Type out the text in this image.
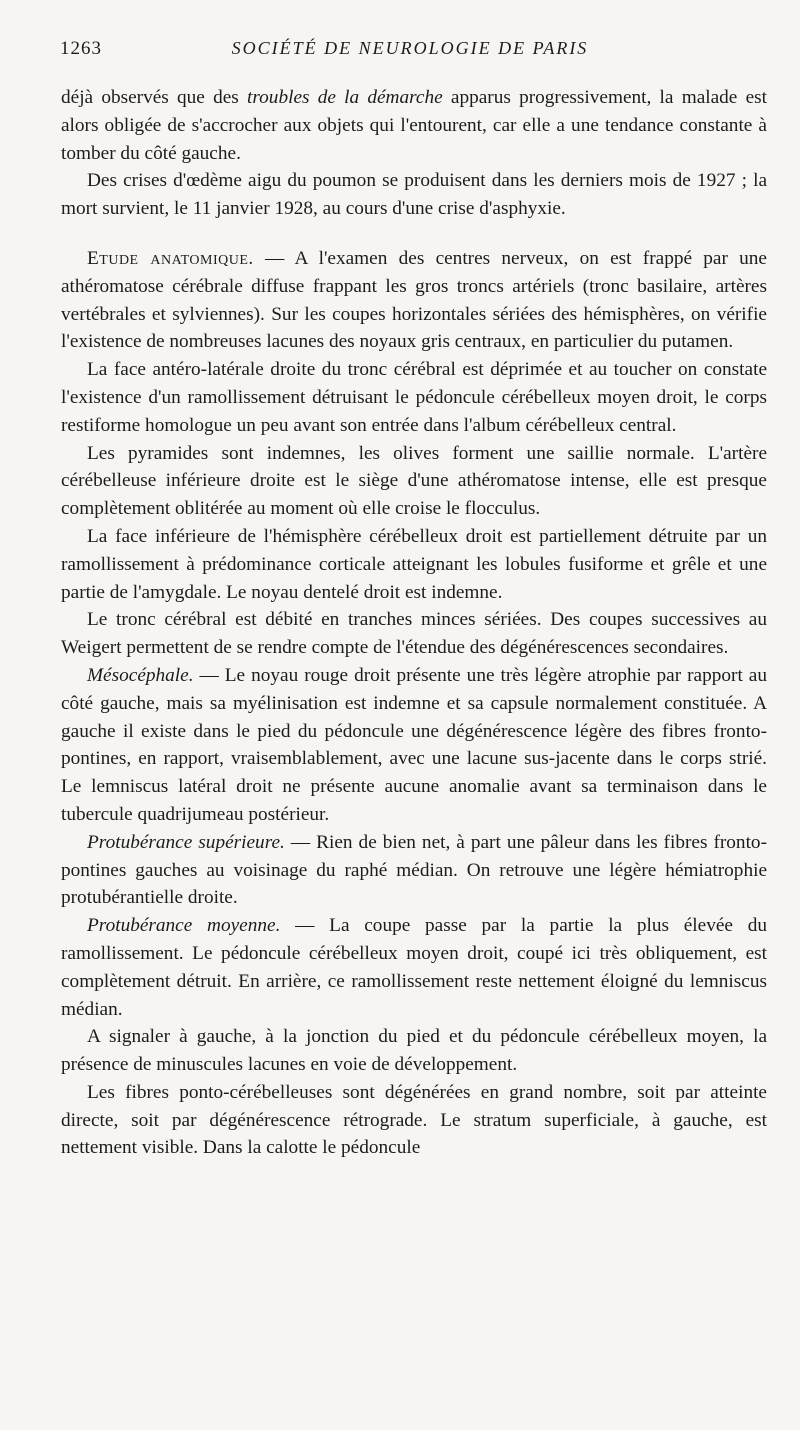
1263	SOCIÉTÉ DE NEUROLOGIE DE PARIS

déjà observés que des troubles de la démarche apparus progressivement, la malade est alors obligée de s'accrocher aux objets qui l'entourent, car elle a une tendance constante à tomber du côté gauche.

Des crises d'œdème aigu du poumon se produisent dans les derniers mois de 1927 ; la mort survient, le 11 janvier 1928, au cours d'une crise d'asphyxie.

Etude anatomique. — A l'examen des centres nerveux, on est frappé par une athéromatose cérébrale diffuse frappant les gros troncs artériels (tronc basilaire, artères vertébrales et sylviennes). Sur les coupes horizontales sériées des hémisphères, on vérifie l'existence de nombreuses lacunes des noyaux gris centraux, en particulier du putamen.

La face antéro-latérale droite du tronc cérébral est déprimée et au toucher on constate l'existence d'un ramollissement détruisant le pédoncule cérébelleux moyen droit, le corps restiforme homologue un peu avant son entrée dans l'album cérébelleux central.

Les pyramides sont indemnes, les olives forment une saillie normale. L'artère cérébelleuse inférieure droite est le siège d'une athéromatose intense, elle est presque complètement oblitérée au moment où elle croise le flocculus.

La face inférieure de l'hémisphère cérébelleux droit est partiellement détruite par un ramollissement à prédominance corticale atteignant les lobules fusiforme et grêle et une partie de l'amygdale. Le noyau dentelé droit est indemne.

Le tronc cérébral est débité en tranches minces sériées. Des coupes successives au Weigert permettent de se rendre compte de l'étendue des dégénérescences secondaires.

Mésocéphale. — Le noyau rouge droit présente une très légère atrophie par rapport au côté gauche, mais sa myélinisation est indemne et sa capsule normalement constituée. A gauche il existe dans le pied du pédoncule une dégénérescence légère des fibres fronto-pontines, en rapport, vraisemblablement, avec une lacune sus-jacente dans le corps strié. Le lemniscus latéral droit ne présente aucune anomalie avant sa terminaison dans le tubercule quadrijumeau postérieur.

Protubérance supérieure. — Rien de bien net, à part une pâleur dans les fibres fronto-pontines gauches au voisinage du raphé médian. On retrouve une légère hémiatrophie protubérantielle droite.

Protubérance moyenne. — La coupe passe par la partie la plus élevée du ramollissement. Le pédoncule cérébelleux moyen droit, coupé ici très obliquement, est complètement détruit. En arrière, ce ramollissement reste nettement éloigné du lemniscus médian.

A signaler à gauche, à la jonction du pied et du pédoncule cérébelleux moyen, la présence de minuscules lacunes en voie de développement.

Les fibres ponto-cérébelleuses sont dégénérées en grand nombre, soit par atteinte directe, soit par dégénérescence rétrograde. Le stratum superficiale, à gauche, est nettement visible. Dans la calotte le pédoncule
